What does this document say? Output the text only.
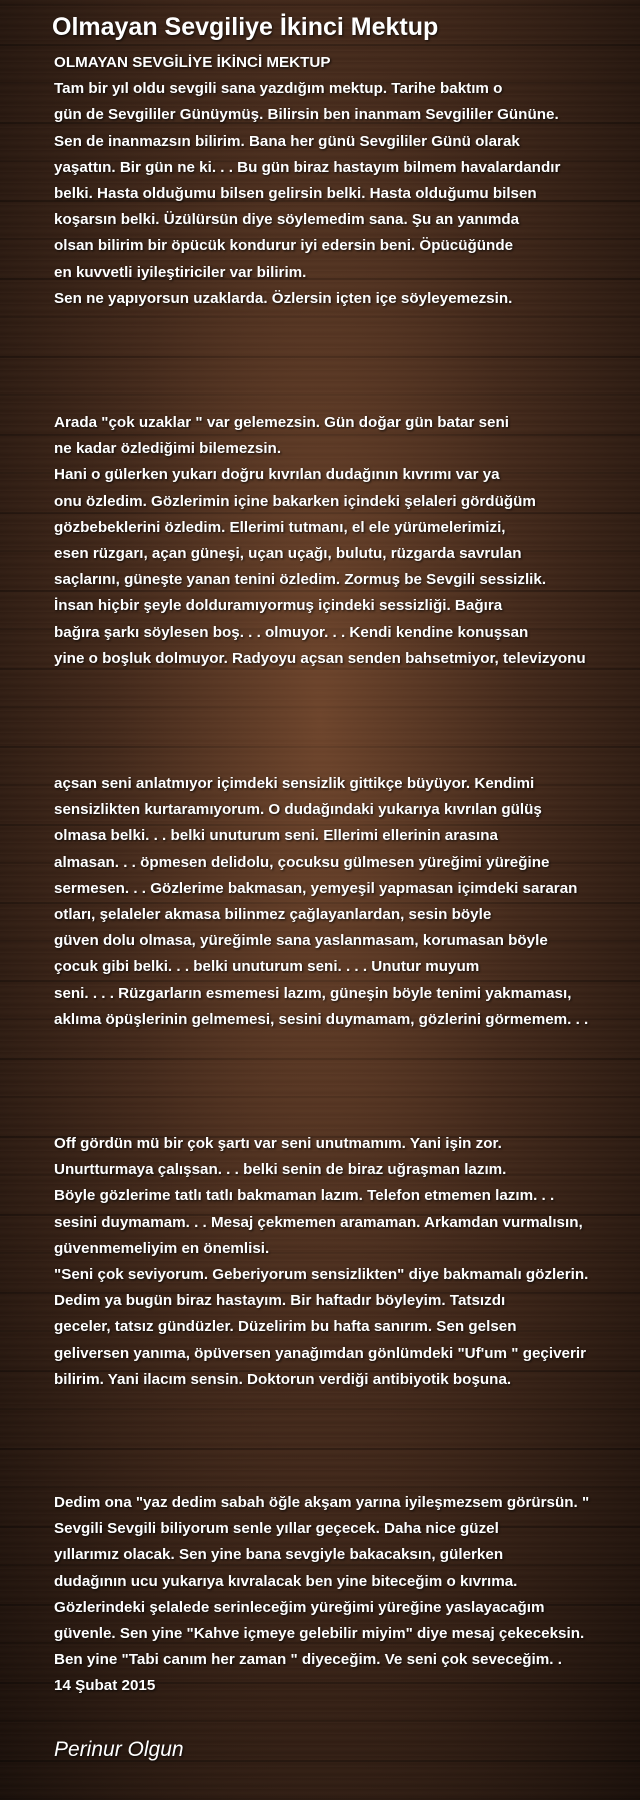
Olmayan Sevgiliye İkinci Mektup
OLMAYAN SEVGİLİYE İKİNCİ MEKTUP
Tam bir yıl oldu sevgili sana yazdığım mektup. Tarihe baktım o
gün de Sevgililer Günüymüş. Bilirsin ben inanmam Sevgililer Gününe.
Sen de inanmazsın bilirim. Bana her günü Sevgililer Günü olarak
yaşattın. Bir gün ne ki. . . Bu gün biraz hastayım bilmem havalardandır
belki. Hasta olduğumu bilsen gelirsin belki. Hasta olduğumu bilsen
koşarsın belki. Üzülürsün diye söylemedim sana. Şu an yanımda
olsan bilirim bir öpücük kondurur iyi edersin beni. Öpücüğünde
en kuvvetli iyileştiriciler var bilirim.
Sen ne yapıyorsun uzaklarda. Özlersin içten içe söyleyemezsin.
Arada "çok uzaklar " var gelemezsin. Gün doğar gün batar seni
ne kadar özlediğimi bilemezsin.
Hani o gülerken yukarı doğru kıvrılan dudağının kıvrımı var ya
onu özledim. Gözlerimin içine bakarken içindeki şelaleri gördüğüm
gözbebeklerini özledim. Ellerimi tutmanı, el ele yürümelerimizi,
esen rüzgarı, açan güneşi, uçan uçağı, bulutu, rüzgarda savrulan
saçlarını, güneşte yanan tenini özledim. Zormuş be Sevgili sessizlik.
İnsan hiçbir şeyle dolduramıyormuş içindeki sessizliği. Bağıra
bağıra şarkı söylesen boş. . . olmuyor. . . Kendi kendine konuşsan
yine o boşluk dolmuyor. Radyoyu açsan senden bahsetmiyor, televizyonu
açsan seni anlatmıyor içimdeki sensizlik gittikçe büyüyor. Kendimi
sensizlikten kurtaramıyorum. O dudağındaki yukarıya kıvrılan gülüş
olmasa belki. . . belki unuturum seni. Ellerimi ellerinin arasına
almasan. . . öpmesen delidolu, çocuksu gülmesen yüreğimi yüreğine
sermesen. . . Gözlerime bakmasan, yemyeşil yapmasan içimdeki sararan
otları, şelaleler akmasa bilinmez çağlayanlardan, sesin böyle
güven dolu olmasa, yüreğimle sana yaslanmasam, korumasan böyle
çocuk gibi belki. . . belki unuturum seni. . . . Unutur muyum
seni. . . . Rüzgarların esmemesi lazım, güneşin böyle tenimi yakmaması,
aklıma öpüşlerinin gelmemesi, sesini duymamam, gözlerini görmemem. . .
Off gördün mü bir çok şartı var seni unutmamım. Yani işin zor.
Unurtturmaya çalışsan. . . belki senin de biraz uğraşman lazım.
Böyle gözlerime tatlı tatlı bakmaman lazım. Telefon etmemen lazım. . .
sesini duymamam. . . Mesaj çekmemen aramaman. Arkamdan vurmalısın,
güvenmemeliyim en önemlisi.
"Seni çok seviyorum. Geberiyorum sensizlikten" diye bakmamalı gözlerin.
Dedim ya bugün biraz hastayım. Bir haftadır böyleyim. Tatsızdı
geceler, tatsız gündüzler. Düzelirim bu hafta sanırım. Sen gelsen
geliversen yanıma, öpüversen yanağımdan gönlümdeki "Uf'um " geçiverir
bilirim. Yani ilacım sensin. Doktorun verdiği antibiyotik boşuna.
Dedim ona "yaz dedim sabah öğle akşam yarına iyileşmezsem görürsün. "
Sevgili Sevgili biliyorum senle yıllar geçecek. Daha nice güzel
yıllarımız olacak. Sen yine bana sevgiyle bakacaksın, gülerken
dudağının ucu yukarıya kıvralacak ben yine biteceğim o kıvrıma.
Gözlerindeki şelalede serinleceğim yüreğimi yüreğine yaslayacağım
güvenle. Sen yine "Kahve içmeye gelebilir miyim" diye mesaj çekeceksin.
Ben yine "Tabi canım her zaman " diyeceğim. Ve seni çok seveceğim. .
14 Şubat 2015
Perinur Olgun
